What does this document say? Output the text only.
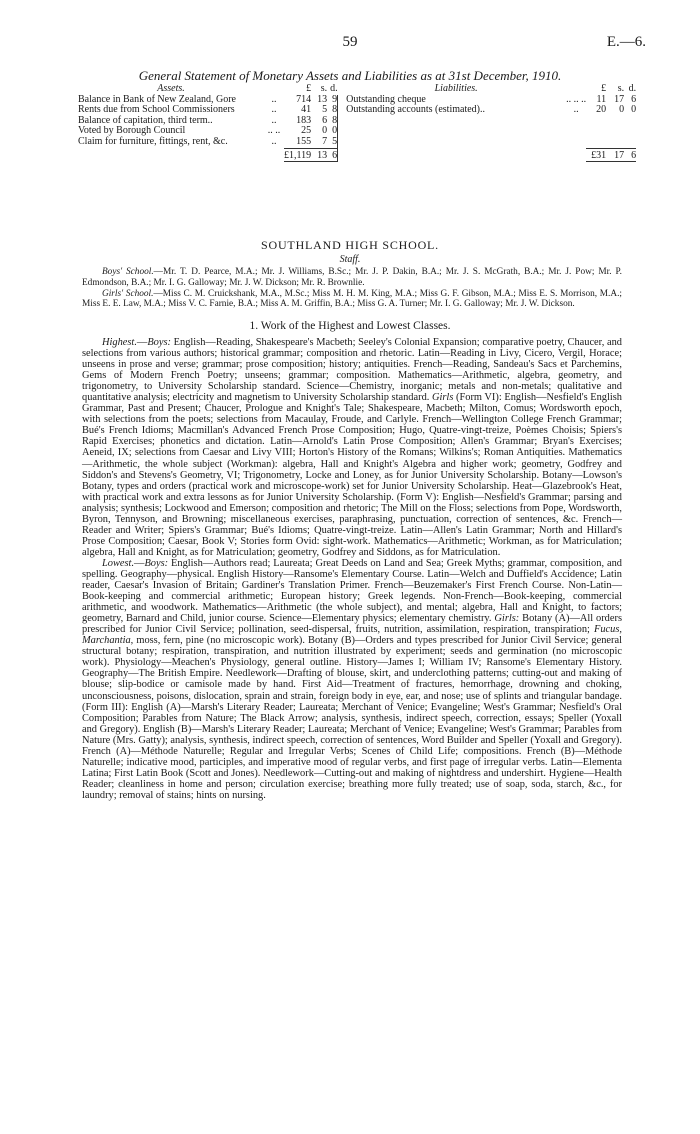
59	E.—6.
General Statement of Monetary Assets and Liabilities as at 31st December, 1910.
Assets.		£	s.	d.		Liabilities.		£	s.	d.
Balance in Bank of New Zealand, Gore	..	714	13	9		Outstanding cheque	.. .. ..	11	17	6
Rents due from School Commissioners	..	41	5	8		Outstanding accounts (estimated)..	..	20	0	0
Balance of capitation, third term..	..	183	6	8						
Voted by Borough Council	.. ..	25	0	0						
Claim for furniture, fittings, rent, &c.	..	155	7	5						
		£1,119	13	6				£31	17	6
SOUTHLAND HIGH SCHOOL.
Staff.

Boys' School.—Mr. T. D. Pearce, M.A.; Mr. J. Williams, B.Sc.; Mr. J. P. Dakin, B.A.; Mr. J. S. McGrath, B.A.; Mr. J. Pow; Mr. P. Edmondson, B.A.; Mr. I. G. Galloway; Mr. J. W. Dickson; Mr. R. Brownlie.

Girls' School.—Miss C. M. Cruickshank, M.A., M.Sc.; Miss M. H. M. King, M.A.; Miss G. F. Gibson, M.A.; Miss E. S. Morrison, M.A.; Miss E. E. Law, M.A.; Miss V. C. Farnie, B.A.; Miss A. M. Griffin, B.A.; Miss G. A. Turner; Mr. I. G. Galloway; Mr. J. W. Dickson.

1. Work of the Highest and Lowest Classes.

Highest.—Boys: English—Reading, Shakespeare's Macbeth; Seeley's Colonial Expansion; comparative poetry, Chaucer, and selections from various authors; historical grammar; composition and rhetoric. Latin—Reading in Livy, Cicero, Vergil, Horace; unseens in prose and verse; grammar; prose composition; history; antiquities. French—Reading, Sandeau's Sacs et Parchemins, Gems of Modern French Poetry; unseens; grammar; composition. Mathematics—Arithmetic, algebra, geometry, and trigonometry, to University Scholarship standard. Science—Chemistry, inorganic; metals and non-metals; qualitative and quantitative analysis; electricity and magnetism to University Scholarship standard. Girls (Form VI): English—Nesfield's English Grammar, Past and Present; Chaucer, Prologue and Knight's Tale; Shakespeare, Macbeth; Milton, Comus; Wordsworth epoch, with selections from the poets; selections from Macaulay, Froude, and Carlyle. French—Wellington College French Grammar; Bué's French Idioms; Macmillan's Advanced French Prose Composition; Hugo, Quatre-vingt-treize, Poèmes Choisis; Spiers's Rapid Exercises; phonetics and dictation. Latin—Arnold's Latin Prose Composition; Allen's Grammar; Bryan's Exercises; Aeneid, IX; selections from Caesar and Livy VIII; Horton's History of the Romans; Wilkins's; Roman Antiquities. Mathematics—Arithmetic, the whole subject (Workman): algebra, Hall and Knight's Algebra and higher work; geometry, Godfrey and Siddon's and Stevens's Geometry, VI; Trigonometry, Locke and Loney, as for Junior University Scholarship. Botany—Lowson's Botany, types and orders (practical work and microscope-work) set for Junior University Scholarship. Heat—Glazebrook's Heat, with practical work and extra lessons as for Junior University Scholarship. (Form V): English—Nesfield's Grammar; parsing and analysis; synthesis; Lockwood and Emerson; composition and rhetoric; The Mill on the Floss; selections from Pope, Wordsworth, Byron, Tennyson, and Browning; miscellaneous exercises, paraphrasing, punctuation, correction of sentences, &c. French—Reader and Writer; Spiers's Grammar; Bué's Idioms; Quatre-vingt-treize. Latin—Allen's Latin Grammar; North and Hillard's Prose Composition; Caesar, Book V; Stories form Ovid: sight-work. Mathematics—Arithmetic; Workman, as for Matriculation; algebra, Hall and Knight, as for Matriculation; geometry, Godfrey and Siddons, as for Matriculation.

Lowest.—Boys: English—Authors read; Laureata; Great Deeds on Land and Sea; Greek Myths; grammar, composition, and spelling. Geography—physical. English History—Ransome's Elementary Course. Latin—Welch and Duffield's Accidence; Latin reader, Caesar's Invasion of Britain; Gardiner's Translation Primer. French—Beuzemaker's First French Course. Non-Latin—Book-keeping and commercial arithmetic; European history; Greek legends. Non-French—Book-keeping, commercial arithmetic, and woodwork. Mathematics—Arithmetic (the whole subject), and mental; algebra, Hall and Knight, to factors; geometry, Barnard and Child, junior course. Science—Elementary physics; elementary chemistry. Girls: Botany (A)—All orders prescribed for Junior Civil Service; pollination, seed-dispersal, fruits, nutrition, assimilation, respiration, transpiration; Fucus, Marchantia, moss, fern, pine (no microscopic work). Botany (B)—Orders and types prescribed for Junior Civil Service; general structural botany; respiration, transpiration, and nutrition illustrated by experiment; seeds and germination (no microscopic work). Physiology—Meachen's Physiology, general outline. History—James I; William IV; Ransome's Elementary History. Geography—The British Empire. Needlework—Drafting of blouse, skirt, and underclothing patterns; cutting-out and making of blouse; slip-bodice or camisole made by hand. First Aid—Treatment of fractures, hemorrhage, drowning and choking, unconsciousness, poisons, dislocation, sprain and strain, foreign body in eye, ear, and nose; use of splints and triangular bandage. (Form III): English (A)—Marsh's Literary Reader; Laureata; Merchant of Venice; Evangeline; West's Grammar; Nesfield's Oral Composition; Parables from Nature; The Black Arrow; analysis, synthesis, indirect speech, correction, essays; Speller (Yoxall and Gregory). English (B)—Marsh's Literary Reader; Laureata; Merchant of Venice; Evangeline; West's Grammar; Parables from Nature (Mrs. Gatty); analysis, synthesis, indirect speech, correction of sentences, Word Builder and Speller (Yoxall and Gregory). French (A)—Méthode Naturelle; Regular and Irregular Verbs; Scenes of Child Life; compositions. French (B)—Méthode Naturelle; indicative mood, participles, and imperative mood of regular verbs, and first page of irregular verbs. Latin—Elementa Latina; First Latin Book (Scott and Jones). Needlework—Cutting-out and making of nightdress and undershirt. Hygiene—Health Reader; cleanliness in home and person; circulation exercise; breathing more fully treated; use of soap, soda, starch, &c., for laundry; removal of stains; hints on nursing.
